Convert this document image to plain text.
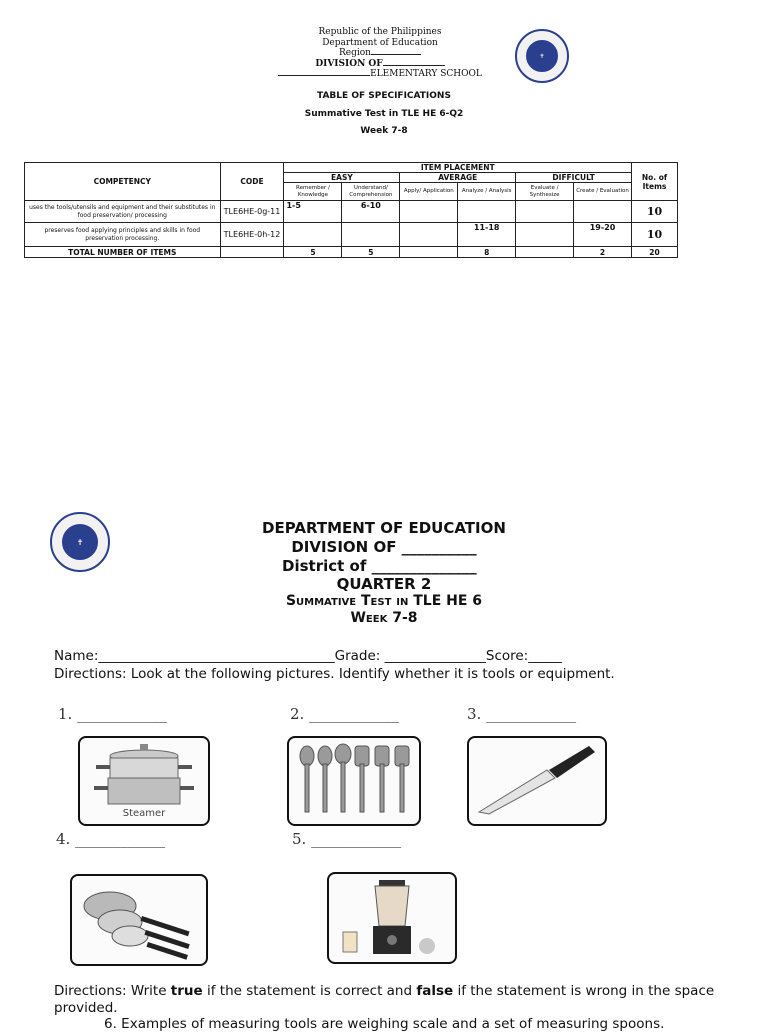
Republic of the Philippines
Department of Education
Region
DIVISION OF
ELEMENTARY SCHOOL
✝
TABLE OF SPECIFICATIONS
Summative Test in TLE HE 6-Q2
Week 7-8
COMPETENCY	CODE	ITEM PLACEMENT						No. of Items
		EASY		AVERAGE		DIFFICULT		
		Remember / Knowledge	Understand/ Comprehension	Apply/ Application	Analyze / Analysis	Evaluate / Synthesize	Create / Evaluation	
uses the tools/utensils and equipment and their substitutes in food preservation/ processing	TLE6HE-0g-11	1-5	6-10					10
preserves food applying principles and skills in food preservation processing.	TLE6HE-0h-12				11-18		19-20	10
TOTAL NUMBER OF ITEMS		5	5		8		2	20
✝
DEPARTMENT OF EDUCATION
DIVISION OF __________
District of ______________
QUARTER 2
Summative Test in TLE HE 6
Week 7-8
Name:___________________________________Grade: _______________Score:_____
Directions: Look at the following pictures. Identify whether it is tools or equipment.
1. ____________	2. ____________	3. ____________
4. ____________	5. ____________
Steamer
Directions: Write true if the statement is correct and false if the statement is wrong in the space provided.
6. Examples of measuring tools are weighing scale and a set of measuring spoons.
